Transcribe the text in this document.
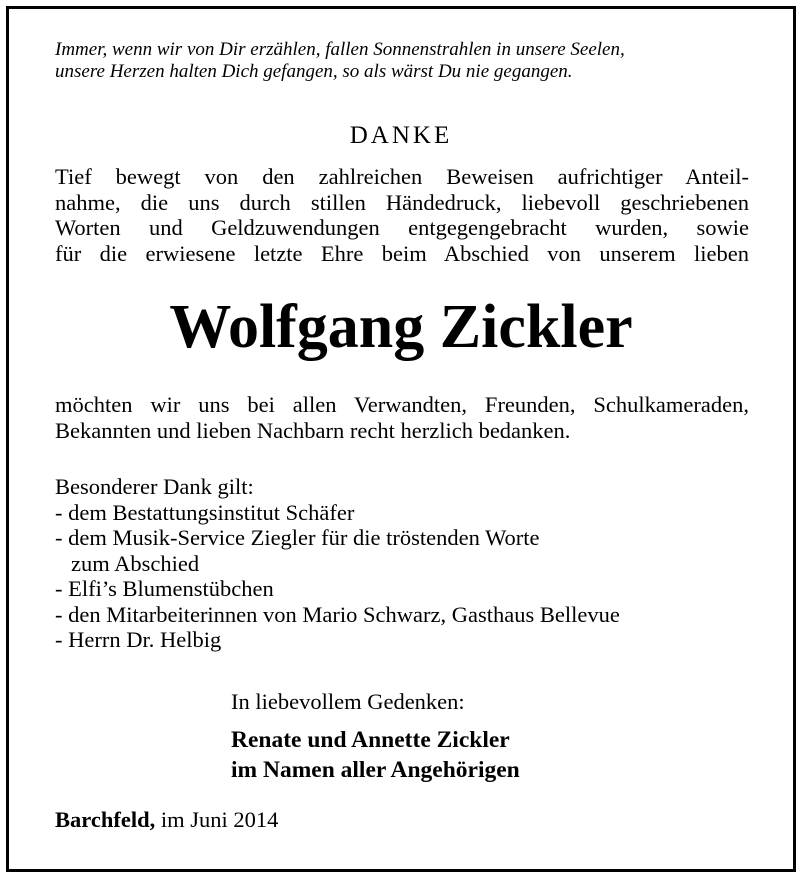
Immer, wenn wir von Dir erzählen, fallen Sonnenstrahlen in unsere Seelen,
unsere Herzen halten Dich gefangen, so als wärst Du nie gegangen.
DANKE
Tief bewegt von den zahlreichen Beweisen aufrichtiger Anteil-
nahme, die uns durch stillen Händedruck, liebevoll geschriebenen
Worten und Geldzuwendungen entgegengebracht wurden, sowie
für die erwiesene letzte Ehre beim Abschied von unserem lieben
Wolfgang Zickler
möchten wir uns bei allen Verwandten, Freunden, Schulkameraden,
Bekannten und lieben Nachbarn recht herzlich bedanken.
Besonderer Dank gilt:
- dem Bestattungsinstitut Schäfer
- dem Musik-Service Ziegler für die tröstenden Worte
zum Abschied
- Elfi’s Blumenstübchen
- den Mitarbeiterinnen von Mario Schwarz, Gasthaus Bellevue
- Herrn Dr. Helbig
In liebevollem Gedenken:
Renate und Annette Zickler
im Namen aller Angehörigen
Barchfeld, im Juni 2014
